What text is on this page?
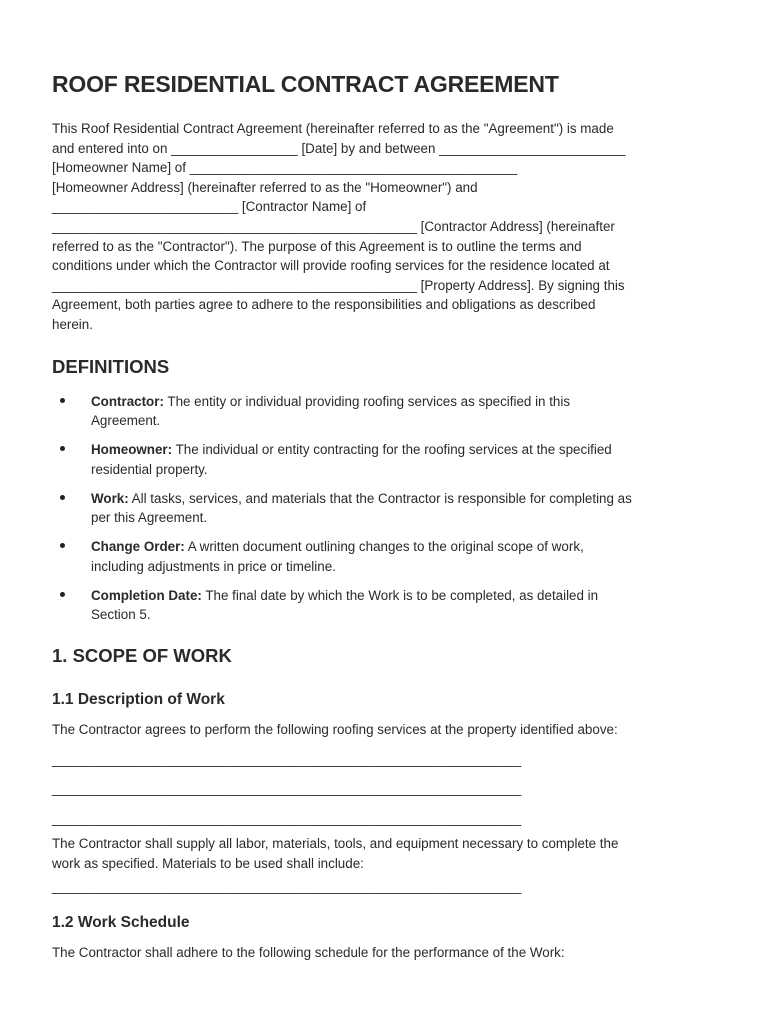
ROOF RESIDENTIAL CONTRACT AGREEMENT

This Roof Residential Contract Agreement (hereinafter referred to as the "Agreement") is made

and entered into on _________________ [Date] by and between _________________________

[Homeowner Name] of ____________________________________________

[Homeowner Address] (hereinafter referred to as the "Homeowner") and

_________________________ [Contractor Name] of

_________________________________________________ [Contractor Address] (hereinafter

referred to as the "Contractor"). The purpose of this Agreement is to outline the terms and

conditions under which the Contractor will provide roofing services for the residence located at

_________________________________________________ [Property Address]. By signing this

Agreement, both parties agree to adhere to the responsibilities and obligations as described

herein.

DEFINITIONS
Contractor: The entity or individual providing roofing services as specified in this
Agreement.
Homeowner: The individual or entity contracting for the roofing services at the specified
residential property.
Work: All tasks, services, and materials that the Contractor is responsible for completing as
per this Agreement.
Change Order: A written document outlining changes to the original scope of work,
including adjustments in price or timeline.
Completion Date: The final date by which the Work is to be completed, as detailed in
Section 5.
1. SCOPE OF WORK
1.1 Description of Work

The Contractor agrees to perform the following roofing services at the property identified above:

_______________________________________________________________

_______________________________________________________________

_______________________________________________________________

The Contractor shall supply all labor, materials, tools, and equipment necessary to complete the

work as specified. Materials to be used shall include:

_______________________________________________________________

1.2 Work Schedule

The Contractor shall adhere to the following schedule for the performance of the Work:
